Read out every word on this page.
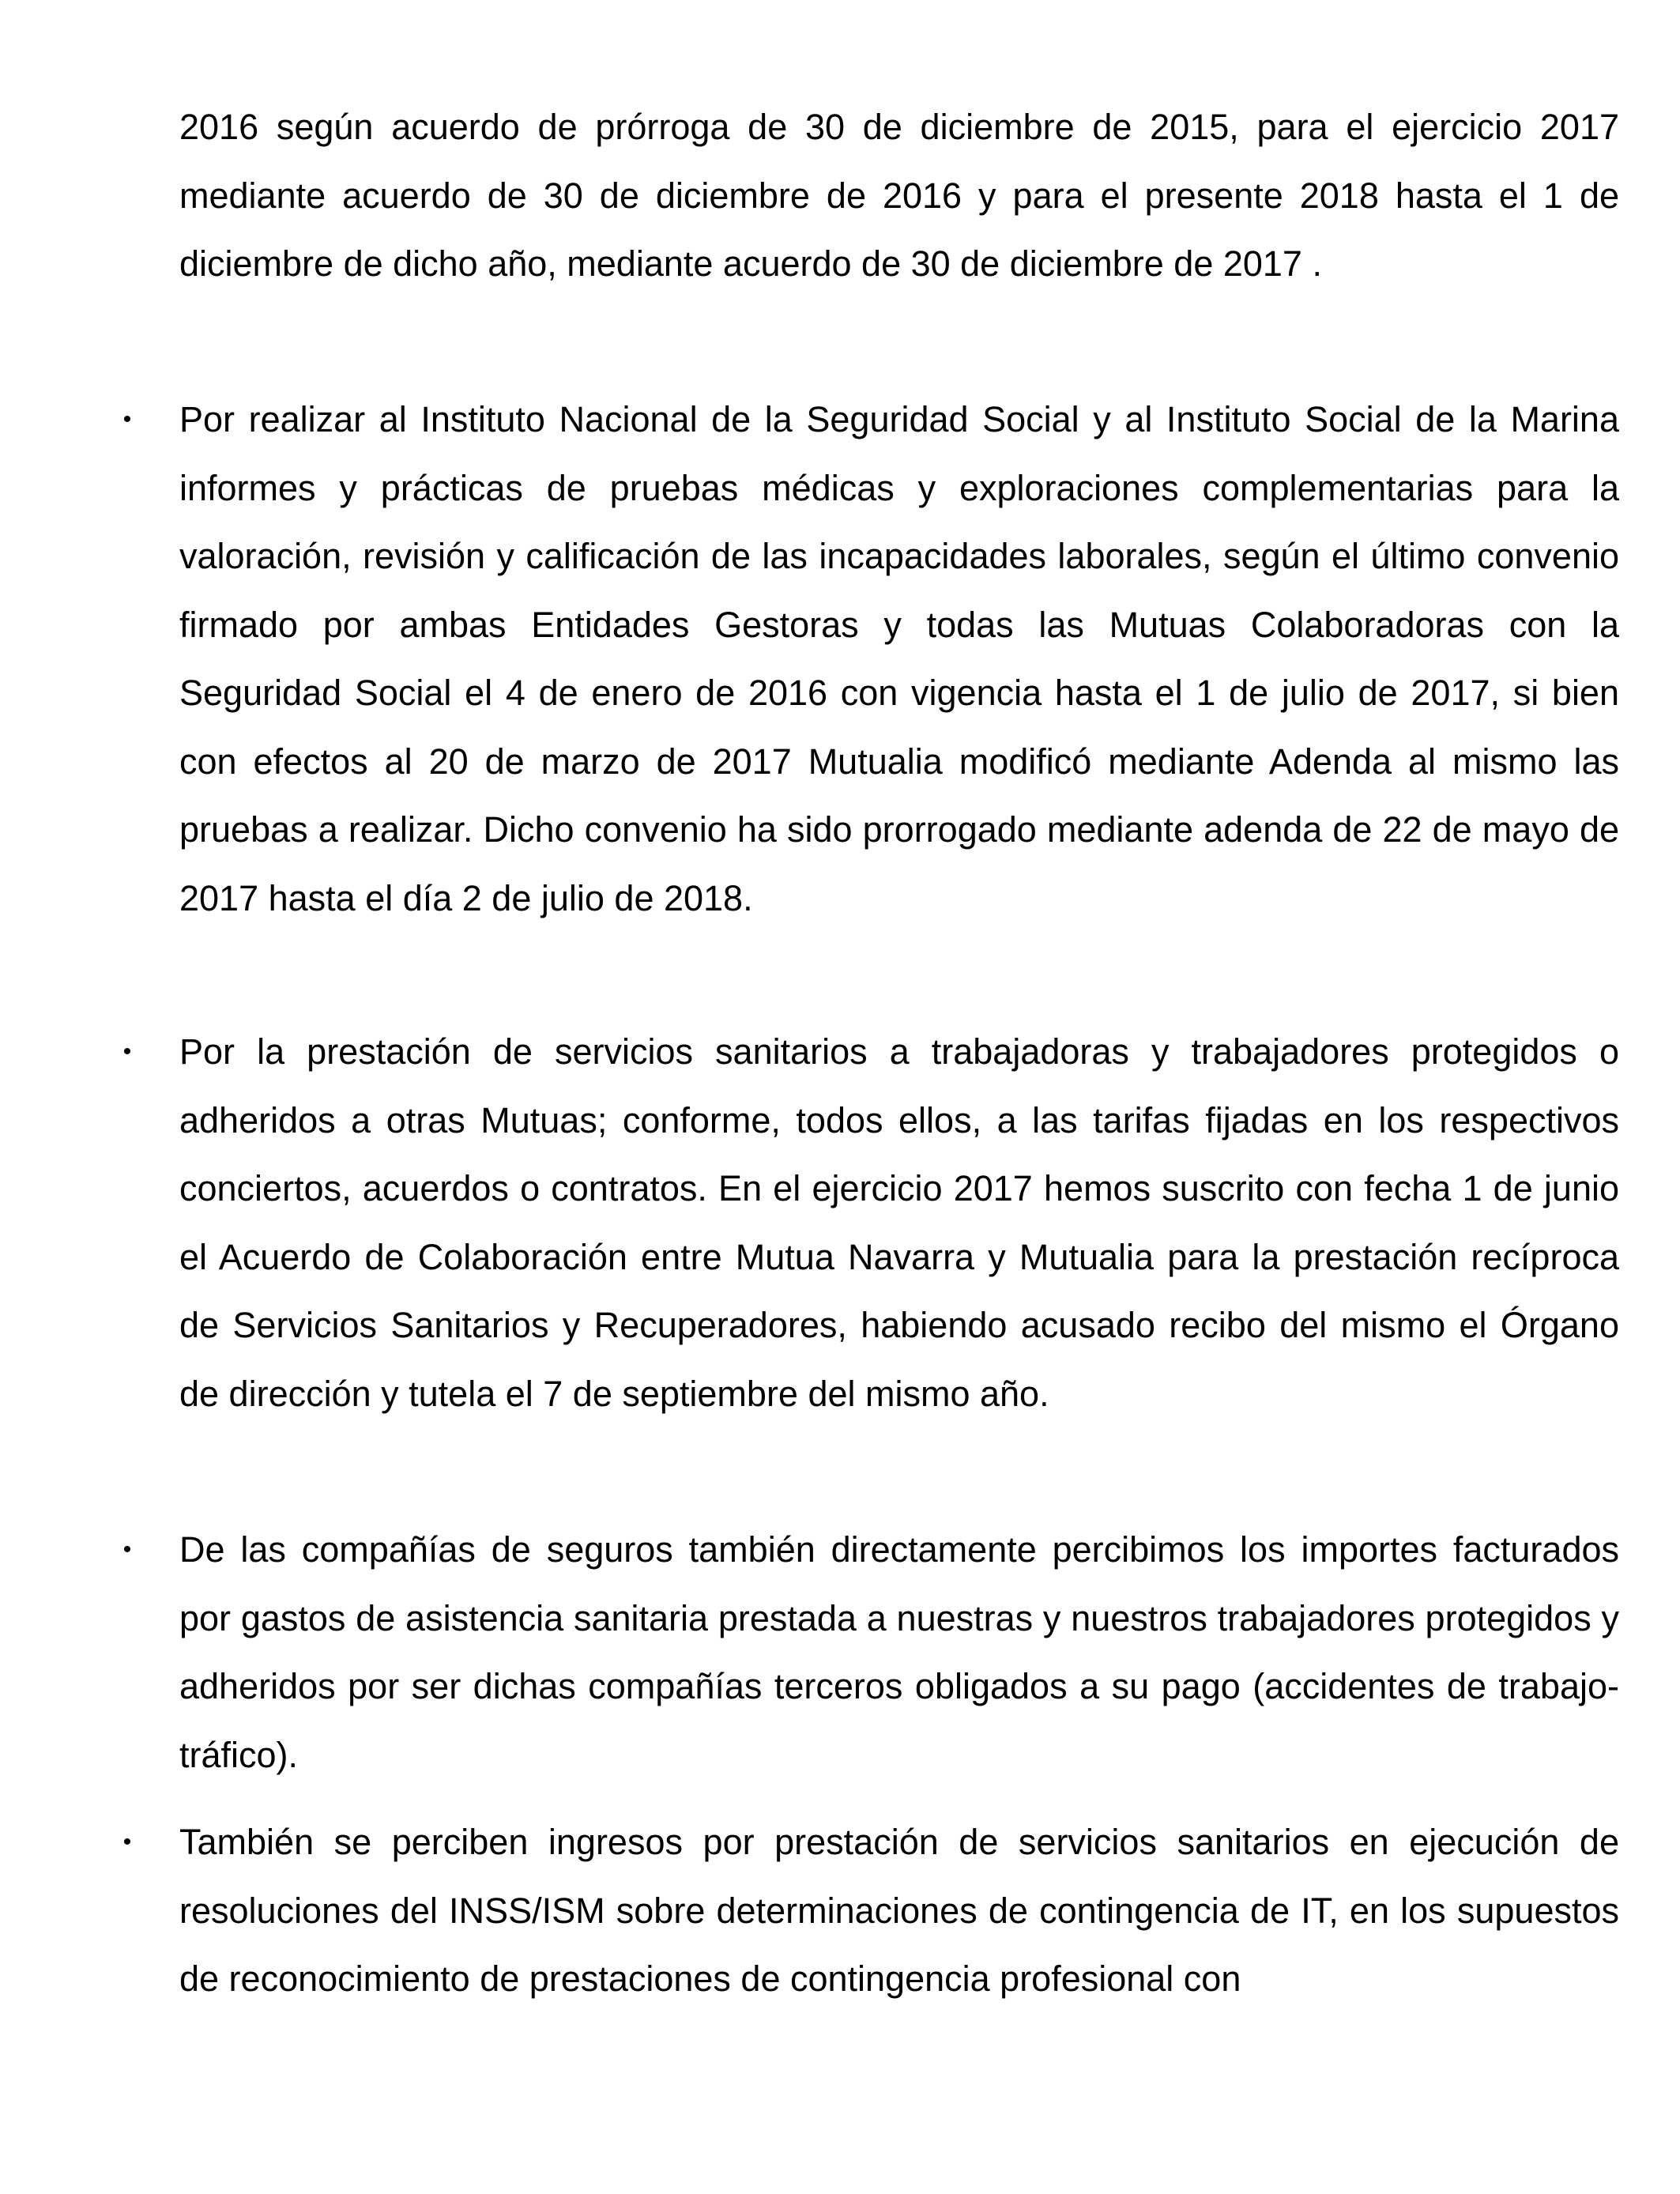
2016 según acuerdo de prórroga de 30 de diciembre de 2015, para el ejercicio 2017 mediante acuerdo de 30 de diciembre de 2016 y para el presente 2018 hasta el 1 de diciembre de dicho año, mediante acuerdo de 30 de diciembre de 2017 .

• Por realizar al Instituto Nacional de la Seguridad Social y al Instituto Social de la Marina informes y prácticas de pruebas médicas y exploraciones complementarias para la valoración, revisión y calificación de las incapacidades laborales, según el último convenio firmado por ambas Entidades Gestoras y todas las Mutuas Colaboradoras con la Seguridad Social el 4 de enero de 2016 con vigencia hasta el 1 de julio de 2017, si bien con efectos al 20 de marzo de 2017 Mutualia modificó mediante Adenda al mismo las pruebas a realizar. Dicho convenio ha sido prorrogado mediante adenda de 22 de mayo de 2017 hasta el día 2 de julio de 2018.

• Por la prestación de servicios sanitarios a trabajadoras y trabajadores protegidos o adheridos a otras Mutuas; conforme, todos ellos, a las tarifas fijadas en los respectivos conciertos, acuerdos o contratos. En el ejercicio 2017 hemos suscrito con fecha 1 de junio el Acuerdo de Colaboración entre Mutua Navarra y Mutualia para la prestación recíproca de Servicios Sanitarios y Recuperadores, habiendo acusado recibo del mismo el Órgano de dirección y tutela el 7 de septiembre del mismo año.

• De las compañías de seguros también directamente percibimos los importes facturados por gastos de asistencia sanitaria prestada a nuestras y nuestros trabajadores protegidos y adheridos por ser dichas compañías terceros obligados a su pago (accidentes de trabajo-tráfico).

• También se perciben ingresos por prestación de servicios sanitarios en ejecución de resoluciones del INSS/ISM sobre determinaciones de contingencia de IT, en los supuestos de reconocimiento de prestaciones de contingencia profesional con
